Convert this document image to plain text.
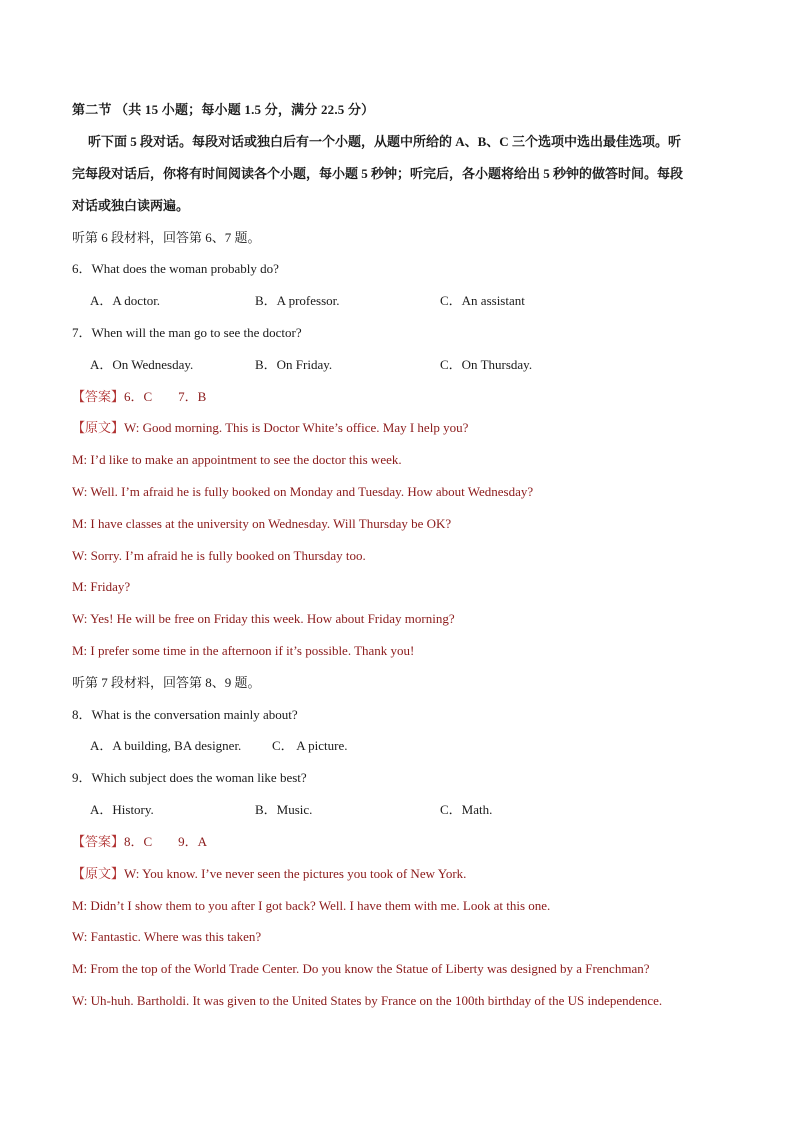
第二节 （共 15 小题；每小题 1.5 分，满分 22.5 分）
听下面 5 段对话。每段对话或独白后有一个小题，从题中所给的 A、B、C 三个选项中选出最佳选项。听
完每段对话后，你将有时间阅读各个小题，每小题 5 秒钟；听完后，各小题将给出 5 秒钟的做答时间。每段
对话或独白读两遍。
听第 6 段材料，回答第 6、7 题。
6．What does the woman probably do?
A．A doctor.	B．A professor.	C．An assistant
7．When will the man go to see the doctor?
A．On Wednesday.	B．On Friday.	C．On Thursday.
【答案】6．C　　7．B
【原文】W: Good morning. This is Doctor White’s office. May I help you?
M: I’d like to make an appointment to see the doctor this week.
W: Well. I’m afraid he is fully booked on Monday and Tuesday. How about Wednesday?
M: I have classes at the university on Wednesday. Will Thursday be OK?
W: Sorry. I’m afraid he is fully booked on Thursday too.
M: Friday?
W: Yes! He will be free on Friday this week. How about Friday morning?
M: I prefer some time in the afternoon if it’s possible. Thank you!
听第 7 段材料，回答第 8、9 题。
8．What is the conversation mainly about?
A．A building, BA designer. C． A picture.
9．Which subject does the woman like best?
A．History.	B．Music.	C．Math.
【答案】8．C　　9．A
【原文】W: You know. I’ve never seen the pictures you took of New York.
M: Didn’t I show them to you after I got back? Well. I have them with me. Look at this one.
W: Fantastic. Where was this taken?
M: From the top of the World Trade Center. Do you know the Statue of Liberty was designed by a Frenchman?
W: Uh-huh. Bartholdi. It was given to the United States by France on the 100th birthday of the US independence.
